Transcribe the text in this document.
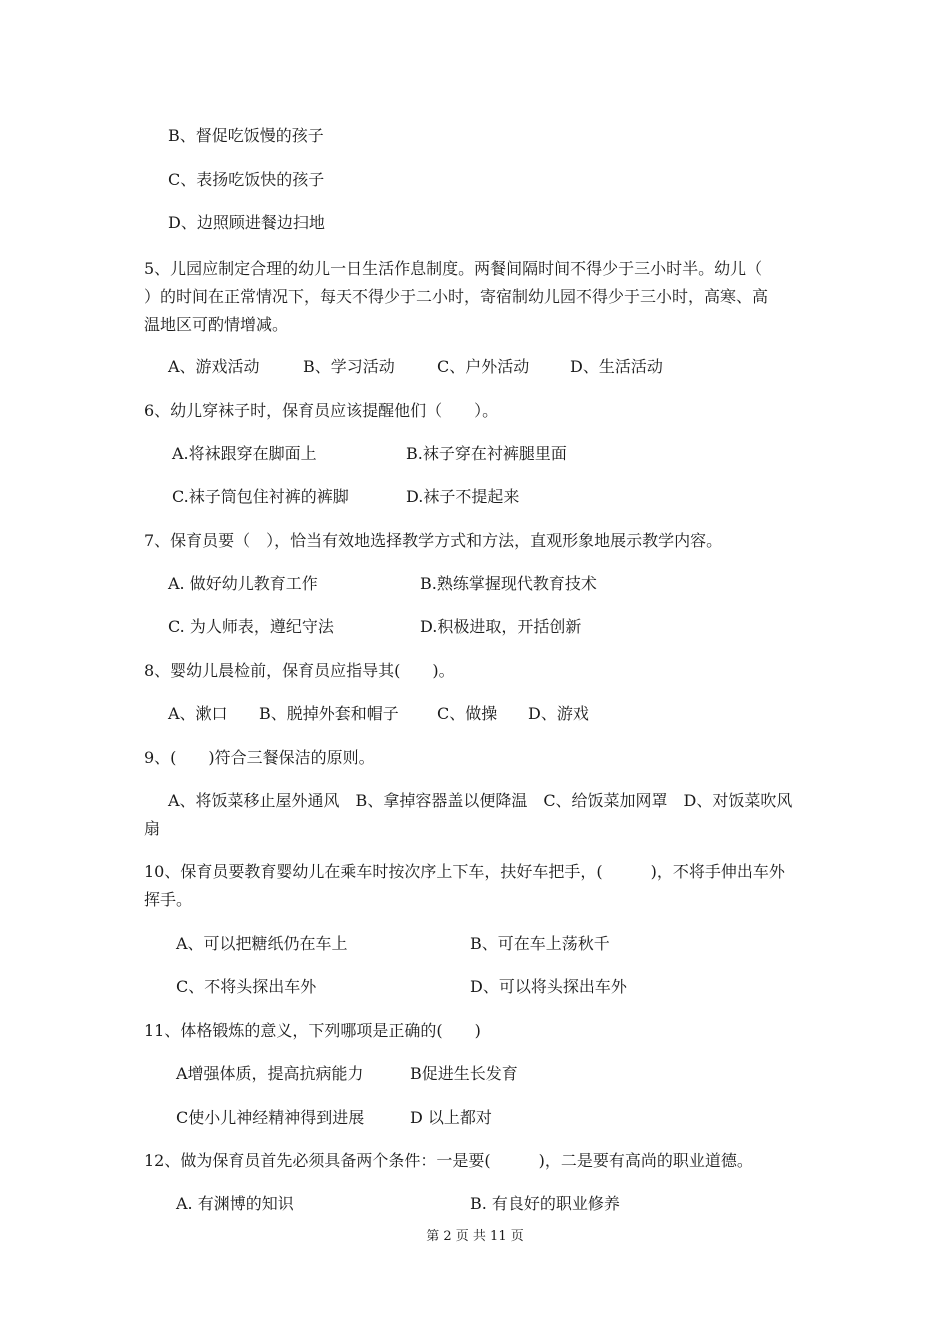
B、督促吃饭慢的孩子
C、表扬吃饭快的孩子
D、边照顾进餐边扫地
5、儿园应制定合理的幼儿一日生活作息制度。两餐间隔时间不得少于三小时半。幼儿（
）的时间在正常情况下，每天不得少于二小时，寄宿制幼儿园不得少于三小时，高寒、高
温地区可酌情增减。
A、游戏活动	B、学习活动	C、户外活动	D、生活活动
6、幼儿穿袜子时，保育员应该提醒他们（　　）。
A.将袜跟穿在脚面上	B.袜子穿在衬裤腿里面
C.袜子筒包住衬裤的裤脚	D.袜子不提起来
7、保育员要（　），恰当有效地选择教学方式和方法，直观形象地展示教学内容。
A. 做好幼儿教育工作	B.熟练掌握现代教育技术
C. 为人师表，遵纪守法	D.积极进取，开括创新
8、婴幼儿晨检前，保育员应指导其(　　)。
A、漱口 B、脱掉外套和帽子 C、做操 D、游戏
9、(　　)符合三餐保洁的原则。
A、将饭菜移止屋外通风　B、拿掉容器盖以便降温　C、给饭菜加网罩　D、对饭菜吹风
扇
10、保育员要教育婴幼儿在乘车时按次序上下车，扶好车把手，(　　　)，不将手伸出车外
挥手。
A、可以把糖纸仍在车上	B、可在车上荡秋千
C、不将头探出车外	D、可以将头探出车外
11、体格锻炼的意义，下列哪项是正确的(　　)
A增强体质，提高抗病能力	B促进生长发育
C使小儿神经精神得到进展	D 以上都对
12、做为保育员首先必须具备两个条件：一是要(　　　)，二是要有高尚的职业道德。
A. 有渊博的知识	B. 有良好的职业修养
第 2 页 共 11 页
